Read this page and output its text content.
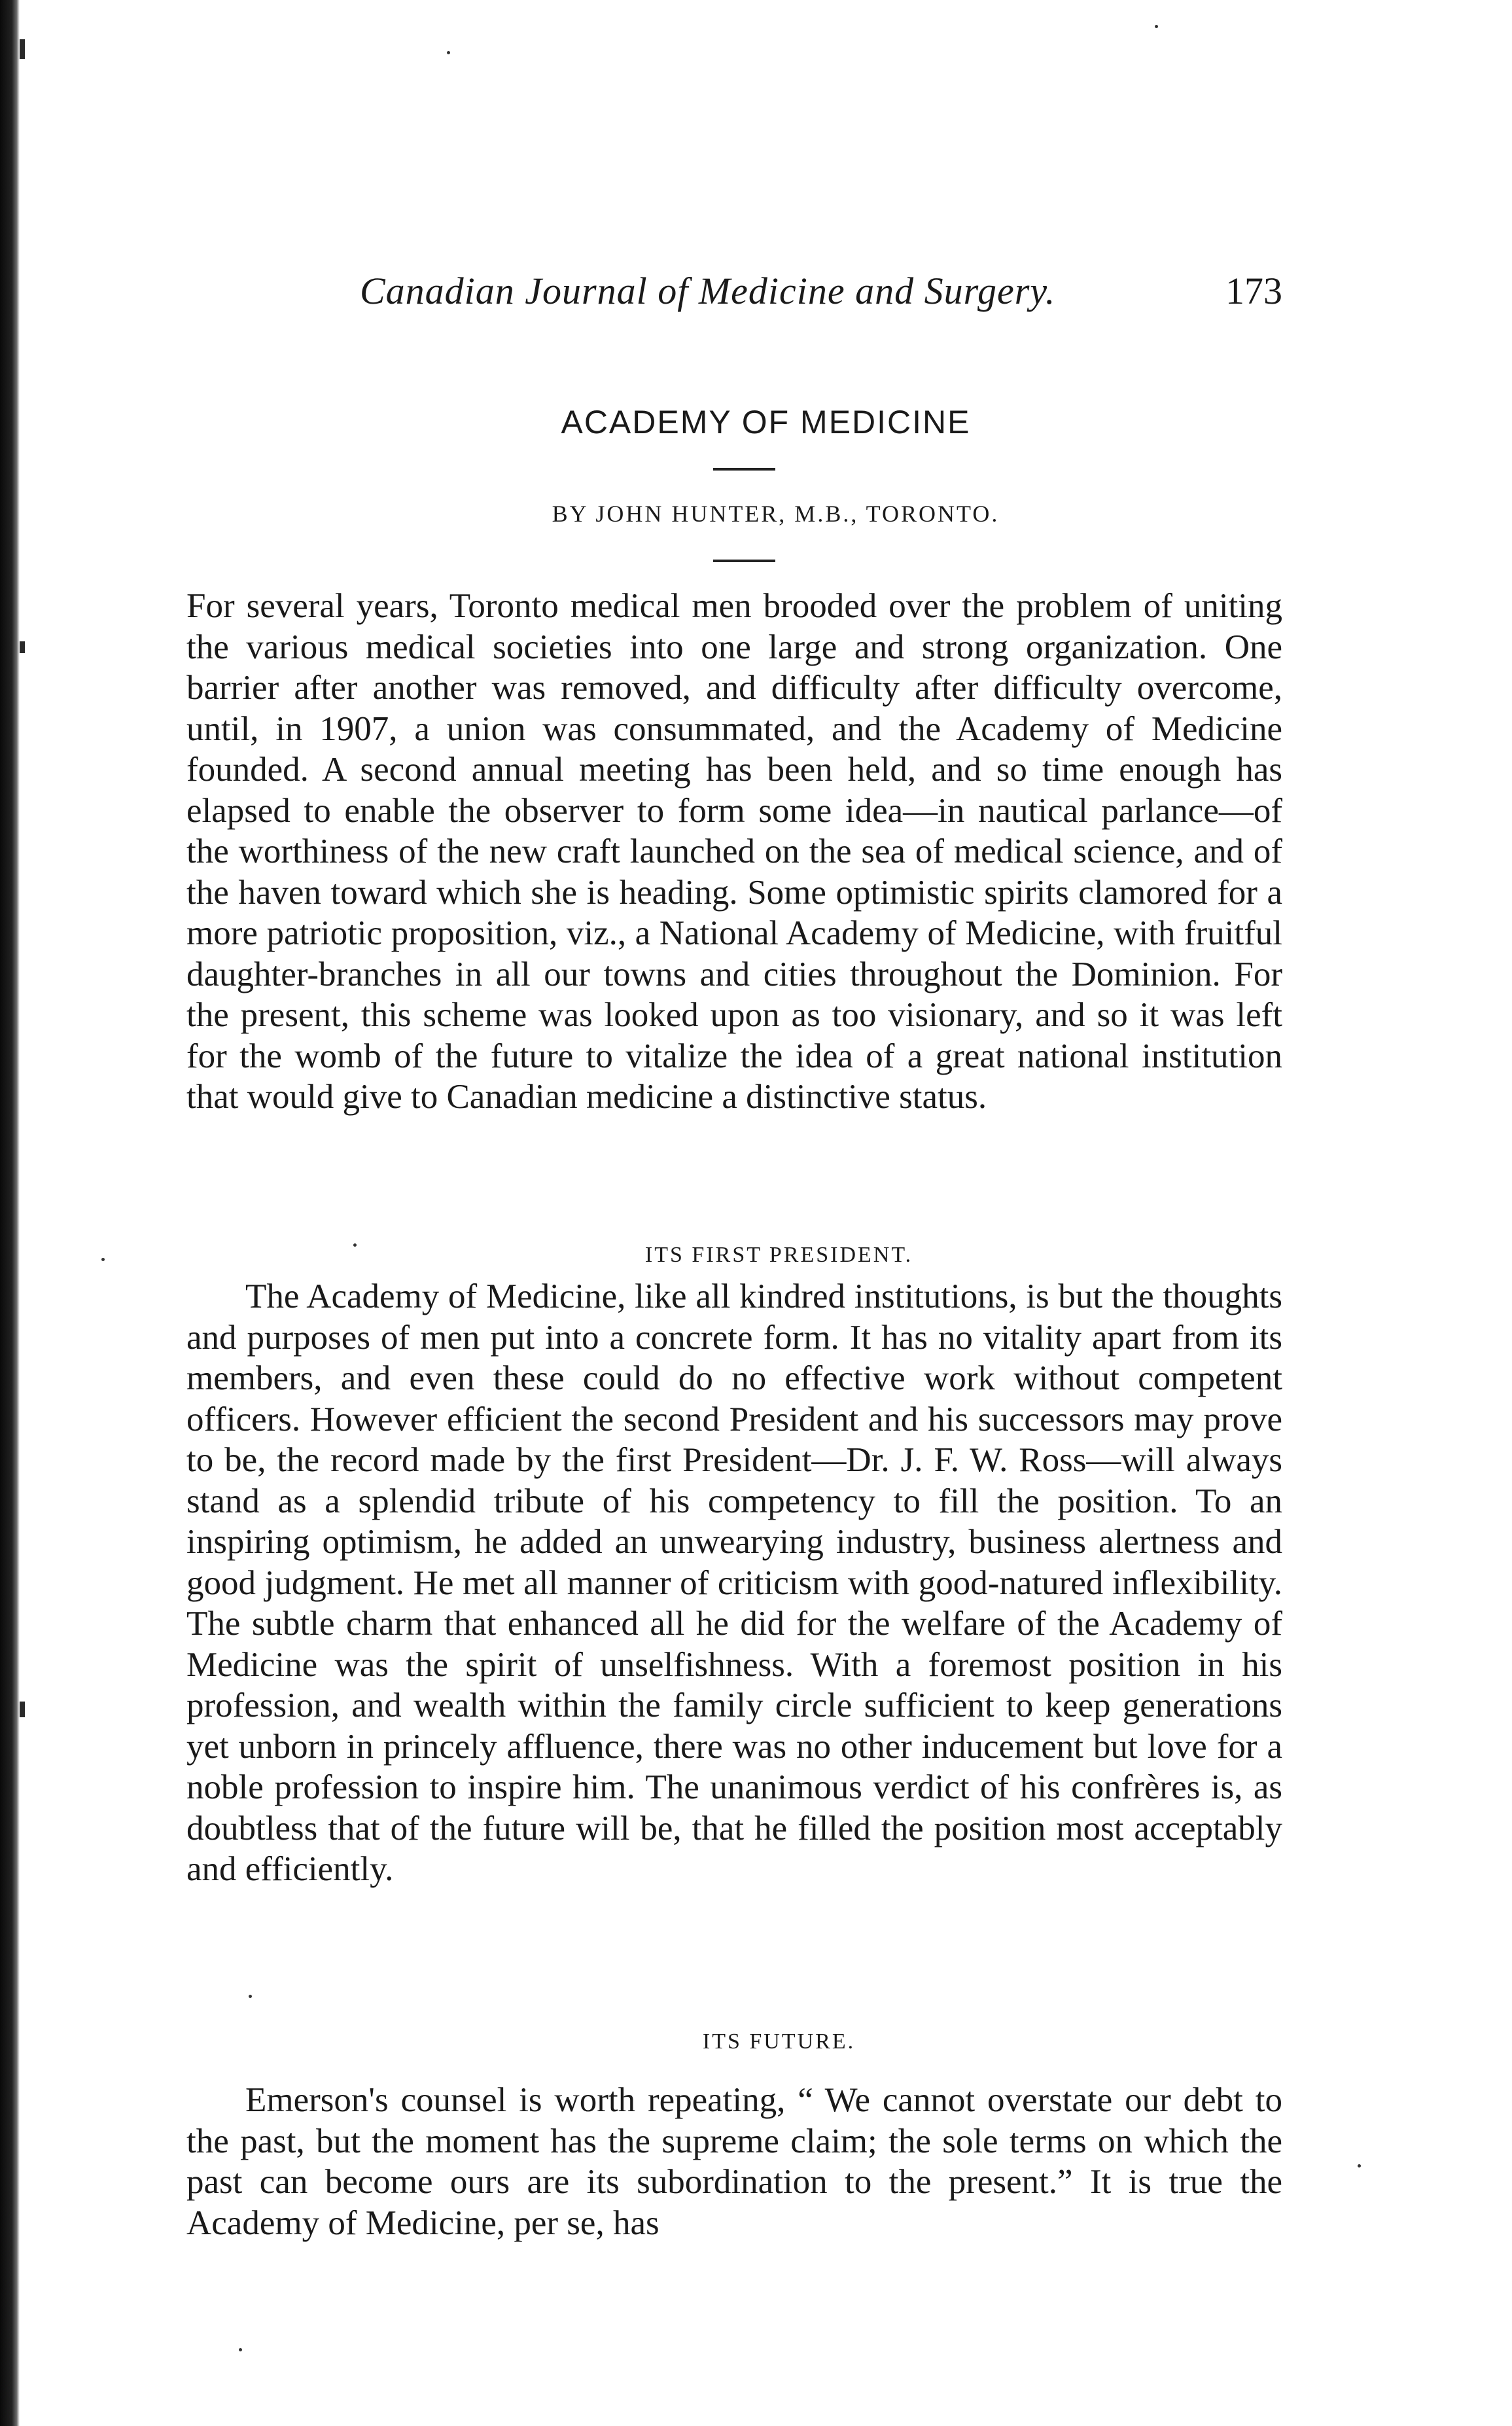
Canadian Journal of Medicine and Surgery.	173
ACADEMY OF MEDICINE
BY JOHN HUNTER, M.B., TORONTO.

For several years, Toronto medical men brooded over the problem of uniting the various medical societies into one large and strong organization. One barrier after another was removed, and difficulty after difficulty overcome, until, in 1907, a union was consummated, and the Academy of Medicine founded. A second annual meeting has been held, and so time enough has elapsed to enable the observer to form some idea—in nautical parlance—of the worthiness of the new craft launched on the sea of medical science, and of the haven toward which she is heading. Some optimistic spirits clamored for a more patriotic proposition, viz., a National Academy of Medicine, with fruitful daughter-branches in all our towns and cities throughout the Dominion. For the present, this scheme was looked upon as too visionary, and so it was left for the womb of the future to vitalize the idea of a great national institution that would give to Canadian medicine a distinctive status.

ITS FIRST PRESIDENT.

The Academy of Medicine, like all kindred institutions, is but the thoughts and purposes of men put into a concrete form. It has no vitality apart from its members, and even these could do no effective work without competent officers. However efficient the second President and his successors may prove to be, the record made by the first President—Dr. J. F. W. Ross—will always stand as a splendid tribute of his competency to fill the position. To an inspiring optimism, he added an unwearying industry, business alertness and good judgment. He met all manner of criticism with good-natured inflexibility. The subtle charm that enhanced all he did for the welfare of the Academy of Medicine was the spirit of unselfishness. With a foremost position in his profession, and wealth within the family circle sufficient to keep generations yet unborn in princely affluence, there was no other inducement but love for a noble profession to inspire him. The unanimous verdict of his confrères is, as doubtless that of the future will be, that he filled the position most acceptably and efficiently.

ITS FUTURE.

Emerson's counsel is worth repeating, “ We cannot overstate our debt to the past, but the moment has the supreme claim; the sole terms on which the past can become ours are its subordination to the present.” It is true the Academy of Medicine, per se, has
